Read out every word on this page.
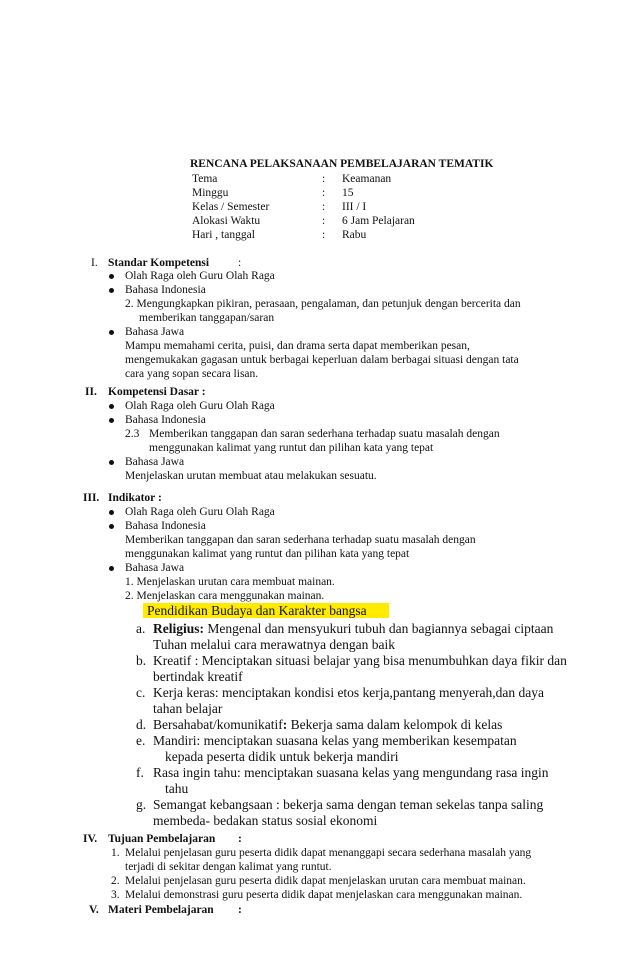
RENCANA PELAKSANAAN PEMBELAJARAN TEMATIK
Tema	: Keamanan
Minggu	: 15
Kelas / Semester	: III / I
Alokasi Waktu	: 6 Jam Pelajaran
Hari , tanggal	: Rabu
I. Standar Kompetensi	:
Olah Raga oleh Guru Olah Raga
Bahasa Indonesia
2. Mengungkapkan pikiran, perasaan, pengalaman, dan petunjuk dengan bercerita dan
memberikan tanggapan/saran
Bahasa Jawa
Mampu memahami cerita, puisi, dan drama serta dapat memberikan pesan,
mengemukakan gagasan untuk berbagai keperluan dalam berbagai situasi dengan tata
cara yang sopan secara lisan.
II. Kompetensi Dasar :
Olah Raga oleh Guru Olah Raga
Bahasa Indonesia
2.3 Memberikan tanggapan dan saran sederhana terhadap suatu masalah dengan
menggunakan kalimat yang runtut dan pilihan kata yang tepat
Bahasa Jawa
Menjelaskan urutan membuat atau melakukan sesuatu.
III. Indikator :
Olah Raga oleh Guru Olah Raga
Bahasa Indonesia
Memberikan tanggapan dan saran sederhana terhadap suatu masalah dengan
menggunakan kalimat yang runtut dan pilihan kata yang tepat
Bahasa Jawa
1. Menjelaskan urutan cara membuat mainan.
2. Menjelaskan cara menggunakan mainan.
Pendidikan Budaya dan Karakter bangsa
a. Religius: Mengenal dan mensyukuri tubuh dan bagiannya sebagai ciptaan
Tuhan melalui cara merawatnya dengan baik
b. Kreatif : Menciptakan situasi belajar yang bisa menumbuhkan daya fikir dan
bertindak kreatif
c. Kerja keras: menciptakan kondisi etos kerja,pantang menyerah,dan daya
tahan belajar
d. Bersahabat/komunikatif: Bekerja sama dalam kelompok di kelas
e. Mandiri: menciptakan suasana kelas yang memberikan kesempatan
kepada peserta didik untuk bekerja mandiri
f. Rasa ingin tahu: menciptakan suasana kelas yang mengundang rasa ingin
tahu
g. Semangat kebangsaan : bekerja sama dengan teman sekelas tanpa saling
membeda- bedakan status sosial ekonomi
IV. Tujuan Pembelajaran :
1. Melalui penjelasan guru peserta didik dapat menanggapi secara sederhana masalah yang
terjadi di sekitar dengan kalimat yang runtut.
2. Melalui penjelasan guru peserta didik dapat menjelaskan urutan cara membuat mainan.
3. Melalui demonstrasi guru peserta didik dapat menjelaskan cara menggunakan mainan.
V. Materi Pembelajaran :
